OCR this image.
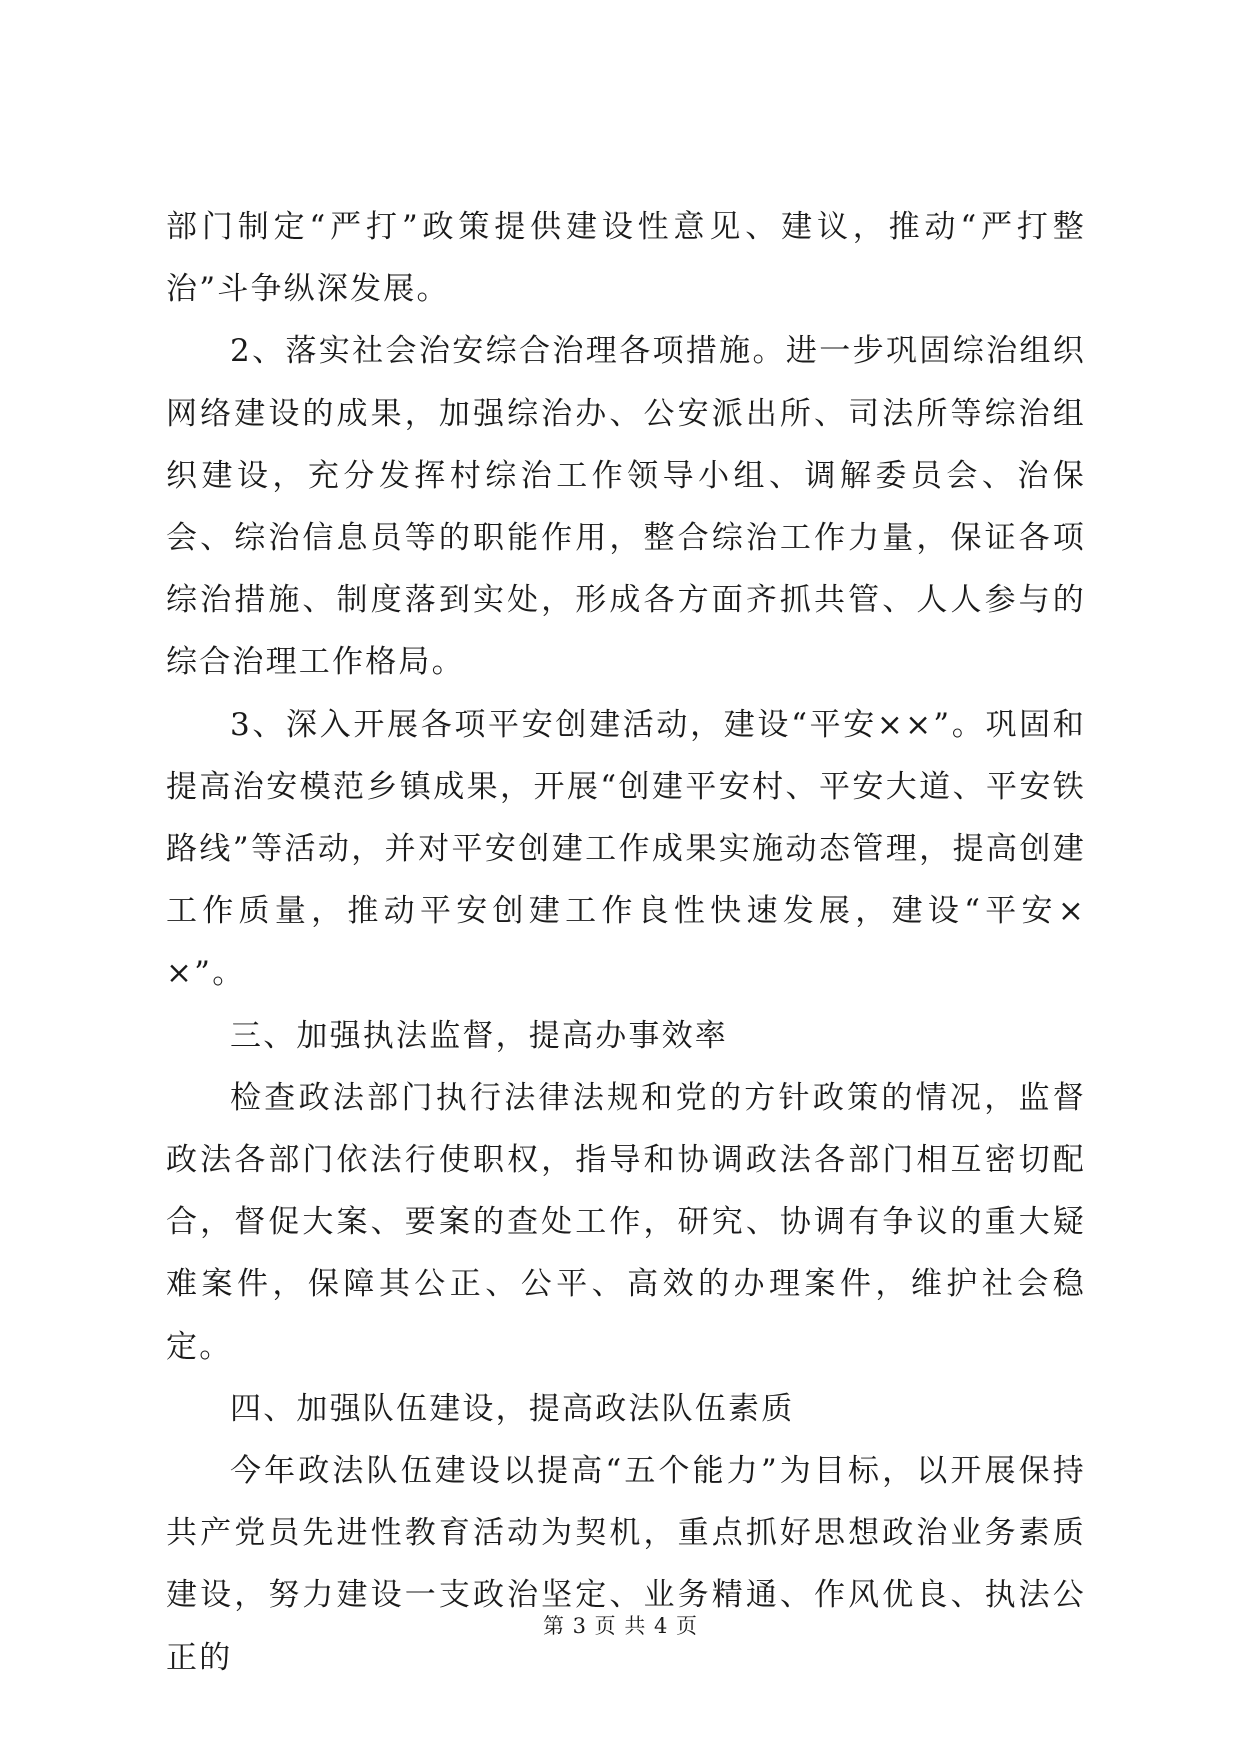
部门制定“严打”政策提供建设性意见、建议，推动“严打整治”斗争纵深发展。

2、落实社会治安综合治理各项措施。进一步巩固综治组织网络建设的成果，加强综治办、公安派出所、司法所等综治组织建设，充分发挥村综治工作领导小组、调解委员会、治保会、综治信息员等的职能作用，整合综治工作力量，保证各项综治措施、制度落到实处，形成各方面齐抓共管、人人参与的综合治理工作格局。

3、深入开展各项平安创建活动，建设“平安××”。巩固和提高治安模范乡镇成果，开展“创建平安村、平安大道、平安铁路线”等活动，并对平安创建工作成果实施动态管理，提高创建工作质量，推动平安创建工作良性快速发展，建设“平安××”。

三、加强执法监督，提高办事效率

检查政法部门执行法律法规和党的方针政策的情况，监督政法各部门依法行使职权，指导和协调政法各部门相互密切配合，督促大案、要案的查处工作，研究、协调有争议的重大疑难案件，保障其公正、公平、高效的办理案件，维护社会稳定。

四、加强队伍建设，提高政法队伍素质

今年政法队伍建设以提高“五个能力”为目标，以开展保持共产党员先进性教育活动为契机，重点抓好思想政治业务素质建设，努力建设一支政治坚定、业务精通、作风优良、执法公正的

第 3 页 共 4 页
